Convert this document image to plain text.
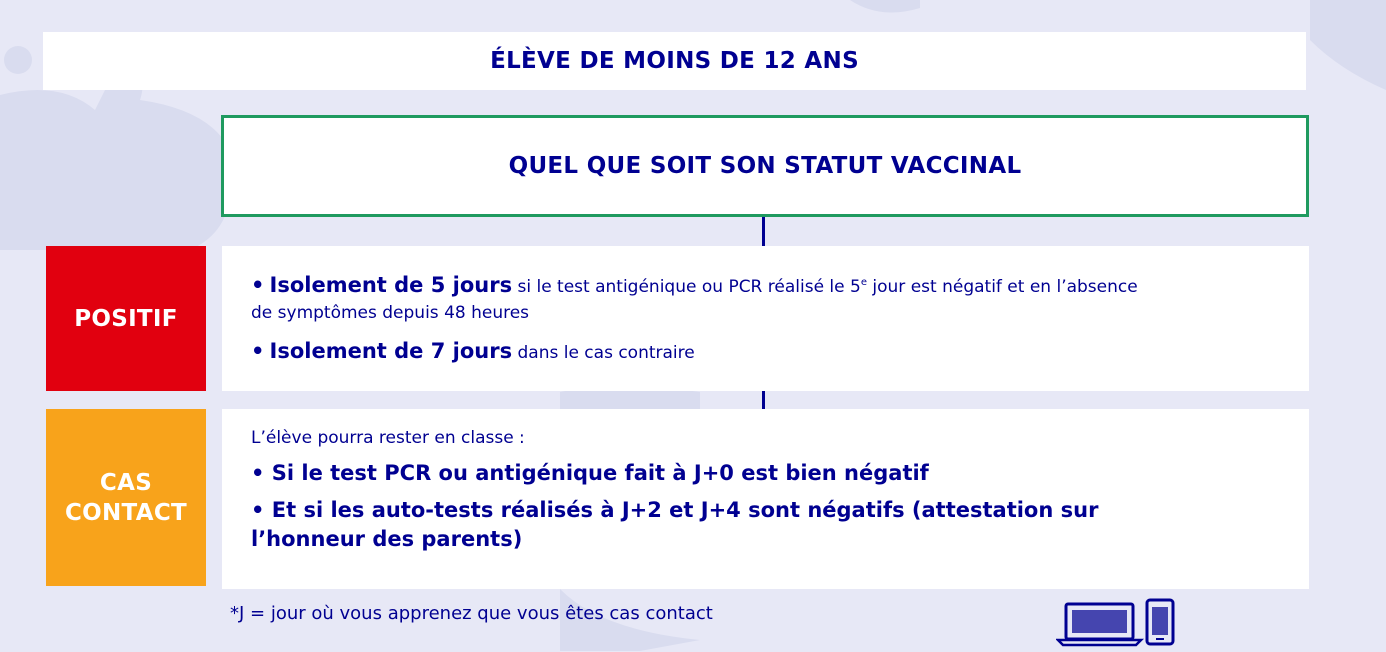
ÉLÈVE DE MOINS DE 12 ANS
QUEL QUE SOIT SON STATUT VACCINAL
POSITIF

• Isolement de 5 jours si le test antigénique ou PCR réalisé le 5e jour est négatif et en l’absence
de symptômes depuis 48 heures

• Isolement de 7 jours dans le cas contraire

CAS
CONTACT

L’élève pourra rester en classe :

• Si le test PCR ou antigénique fait à J+0 est bien négatif

• Et si les auto-tests réalisés à J+2 et J+4 sont négatifs (attestation sur l’honneur des parents)

*J = jour où vous apprenez que vous êtes cas contact
